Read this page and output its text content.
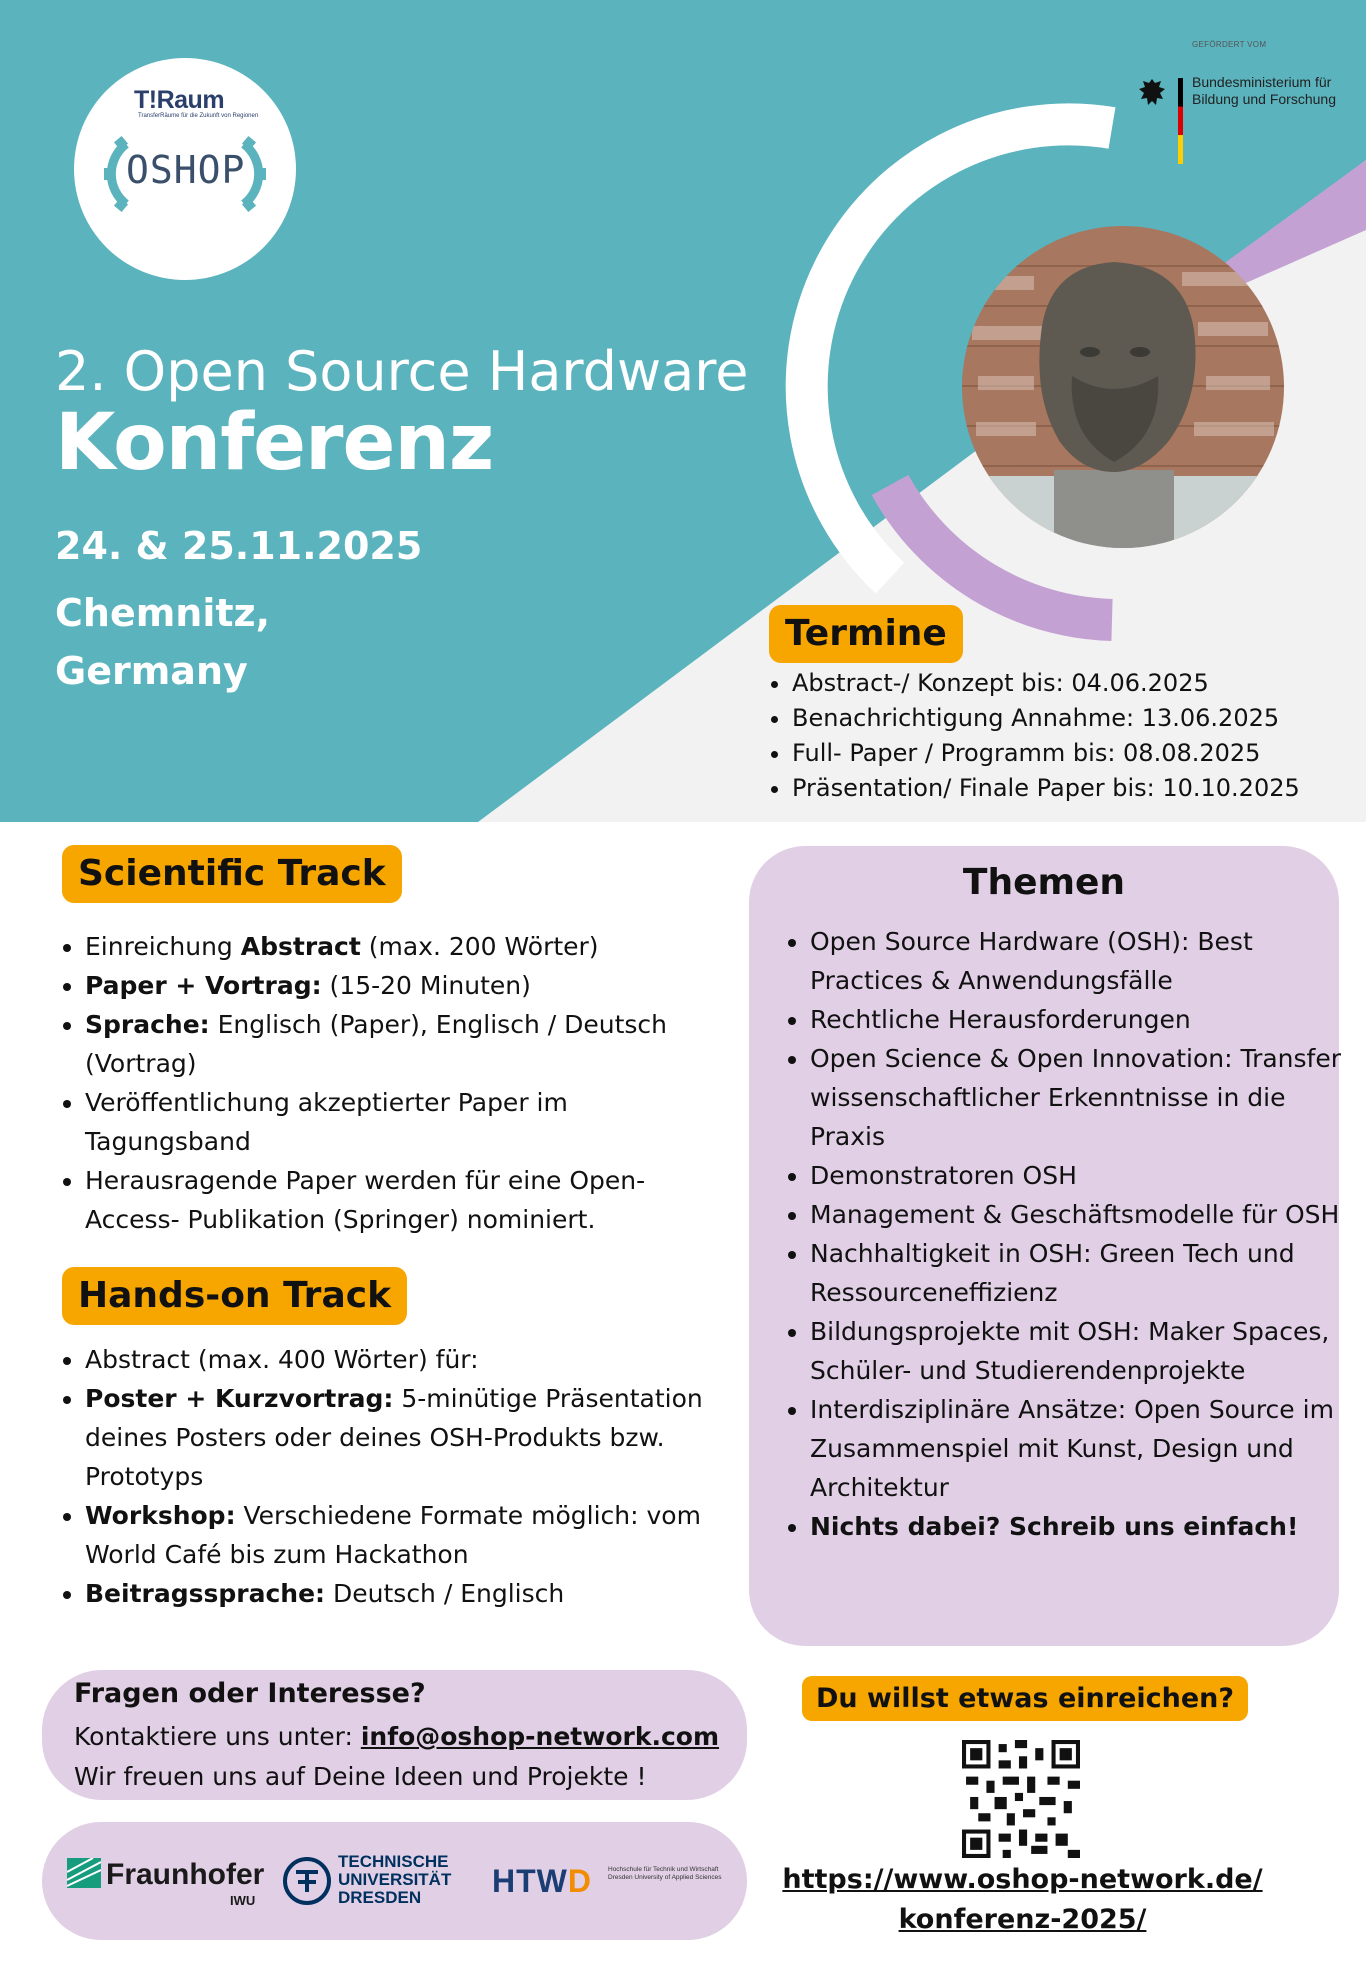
T!Raum
TransferRäume für die Zukunft von Regionen
OSHOP
GEFÖRDERT VOM
Bundesministerium für Bildung und Forschung
2. Open Source Hardware
Konferenz
24. & 25.11.2025
Chemnitz, Germany
Termine
• Abstract-/ Konzept bis: 04.06.2025
• Benachrichtigung Annahme: 13.06.2025
• Full- Paper / Programm bis: 08.08.2025
• Präsentation/ Finale Paper bis: 10.10.2025
Scientific Track
• Einreichung Abstract (max. 200 Wörter)
• Paper + Vortrag: (15-20 Minuten)
• Sprache: Englisch (Paper), Englisch / Deutsch (Vortrag)
• Veröffentlichung akzeptierter Paper im Tagungsband
• Herausragende Paper werden für eine Open-Access- Publikation (Springer) nominiert.
Hands-on Track
• Abstract (max. 400 Wörter) für:
• Poster + Kurzvortrag: 5-minütige Präsentation deines Posters oder deines OSH-Produkts bzw. Prototyps
• Workshop: Verschiedene Formate möglich: vom World Café bis zum Hackathon
• Beitragssprache: Deutsch / Englisch
Themen
• Open Source Hardware (OSH): Best Practices & Anwendungsfälle
• Rechtliche Herausforderungen
• Open Science & Open Innovation: Transfer wissenschaftlicher Erkenntnisse in die Praxis
• Demonstratoren OSH
• Management & Geschäftsmodelle für OSH
• Nachhaltigkeit in OSH: Green Tech und Ressourceneffizienz
• Bildungsprojekte mit OSH: Maker Spaces, Schüler- und Studierendenprojekte
• Interdisziplinäre Ansätze: Open Source im Zusammenspiel mit Kunst, Design und Architektur
• Nichts dabei? Schreib uns einfach!
Fragen oder Interesse?
Kontaktiere uns unter: info@oshop-network.com
Wir freuen uns auf Deine Ideen und Projekte !
Fraunhofer
IWU
TECHNISCHE UNIVERSITÄT DRESDEN	HTWD Hochschule für Technik und Wirtschaft Dresden University of Applied Sciences
Du willst etwas einreichen?
https://www.oshop-network.de/
konferenz-2025/
